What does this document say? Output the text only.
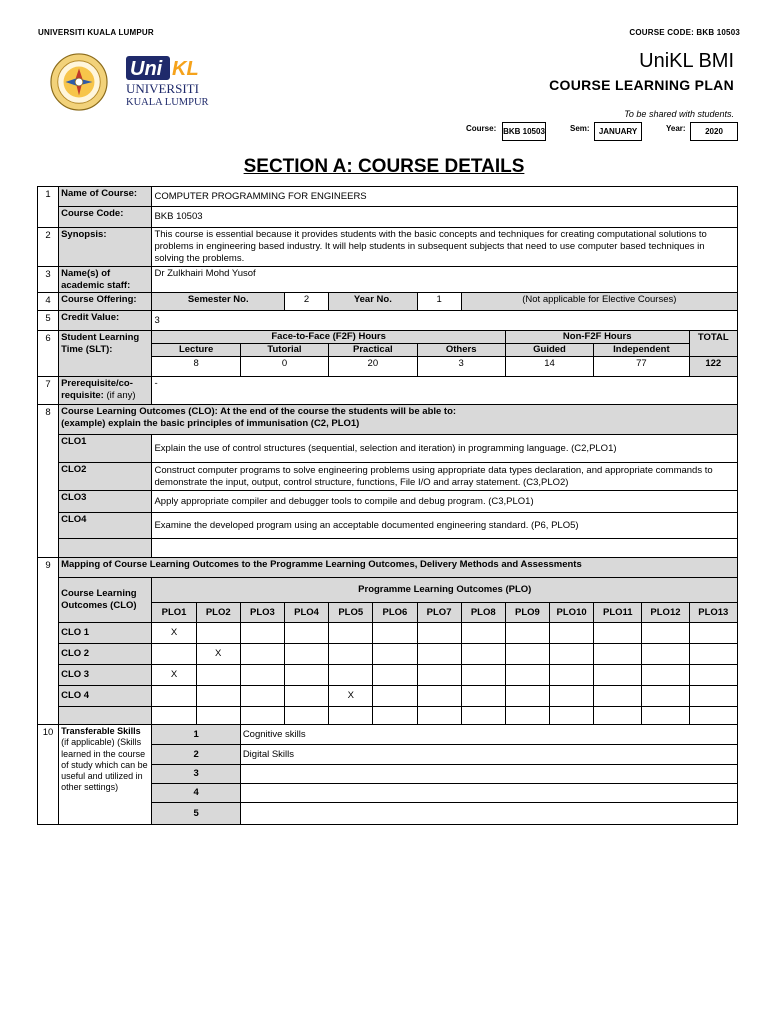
UNIVERSITI KUALA LUMPUR	COURSE CODE: BKB 10503
Uni KL
UNIVERSITI
KUALA LUMPUR
UniKL BMI
COURSE LEARNING PLAN
To be shared with students.
Course: BKB 10503	Sem:	JANUARY	Year:	2020
SECTION A: COURSE DETAILS
1	Name of Course:	COMPUTER PROGRAMMING FOR ENGINEERS												
	Course Code:	BKB 10503												
2	Synopsis:	This course is essential because it provides students with the basic concepts and techniques for creating computational solutions to problems in engineering based industry. It will help students in subsequent subjects that need to use computer based techniques in solving the problems.												
3	Name(s) of academic staff:	Dr Zulkhairi Mohd Yusof												
4	Course Offering:	Semester No.			2	Year No.		1	(Not applicable for Elective Courses)					
5	Credit Value:	3												
6	Student Learning Time (SLT):	Face-to-Face (F2F) Hours								Non-F2F Hours				TOTAL
		Lecture		Tutorial		Practical		Others		Guided		Independent		
		8		0		20		3		14		77		122
7	Prerequisite/co-requisite: (if any)	-												
8	Course Learning Outcomes (CLO): At the end of the course the students will be able to:
(example) explain the basic principles of immunisation (C2, PLO1)													

	CLO1	Explain the use of control structures (sequential, selection and iteration) in programming language. (C2,PLO1)												
	CLO2	Construct computer programs to solve engineering problems using appropriate data types declaration, and appropriate commands to demonstrate the input, output, control structure, functions, File I/O and array statement. (C3,PLO2)												
	CLO3	Apply appropriate compiler and debugger tools to compile and debug program. (C3,PLO1)												
	CLO4	Examine the developed program using an acceptable documented engineering standard. (P6, PLO5)												

9	Mapping of Course Learning Outcomes to the Programme Learning Outcomes, Delivery Methods and Assessments													
	Course Learning Outcomes (CLO)	Programme Learning Outcomes (PLO)												
		PLO1	PLO2	PLO3	PLO4	PLO5	PLO6	PLO7	PLO8	PLO9	PLO10	PLO11	PLO12	PLO13
	CLO 1	X												
	CLO 2		X											
	CLO 3	X												
	CLO 4					X								

10	Transferable Skills (if applicable) (Skills learned in the course of study which can be useful and utilized in other settings)	1		Cognitive skills										
		2		Digital Skills										
		3												
		4												
		5												
